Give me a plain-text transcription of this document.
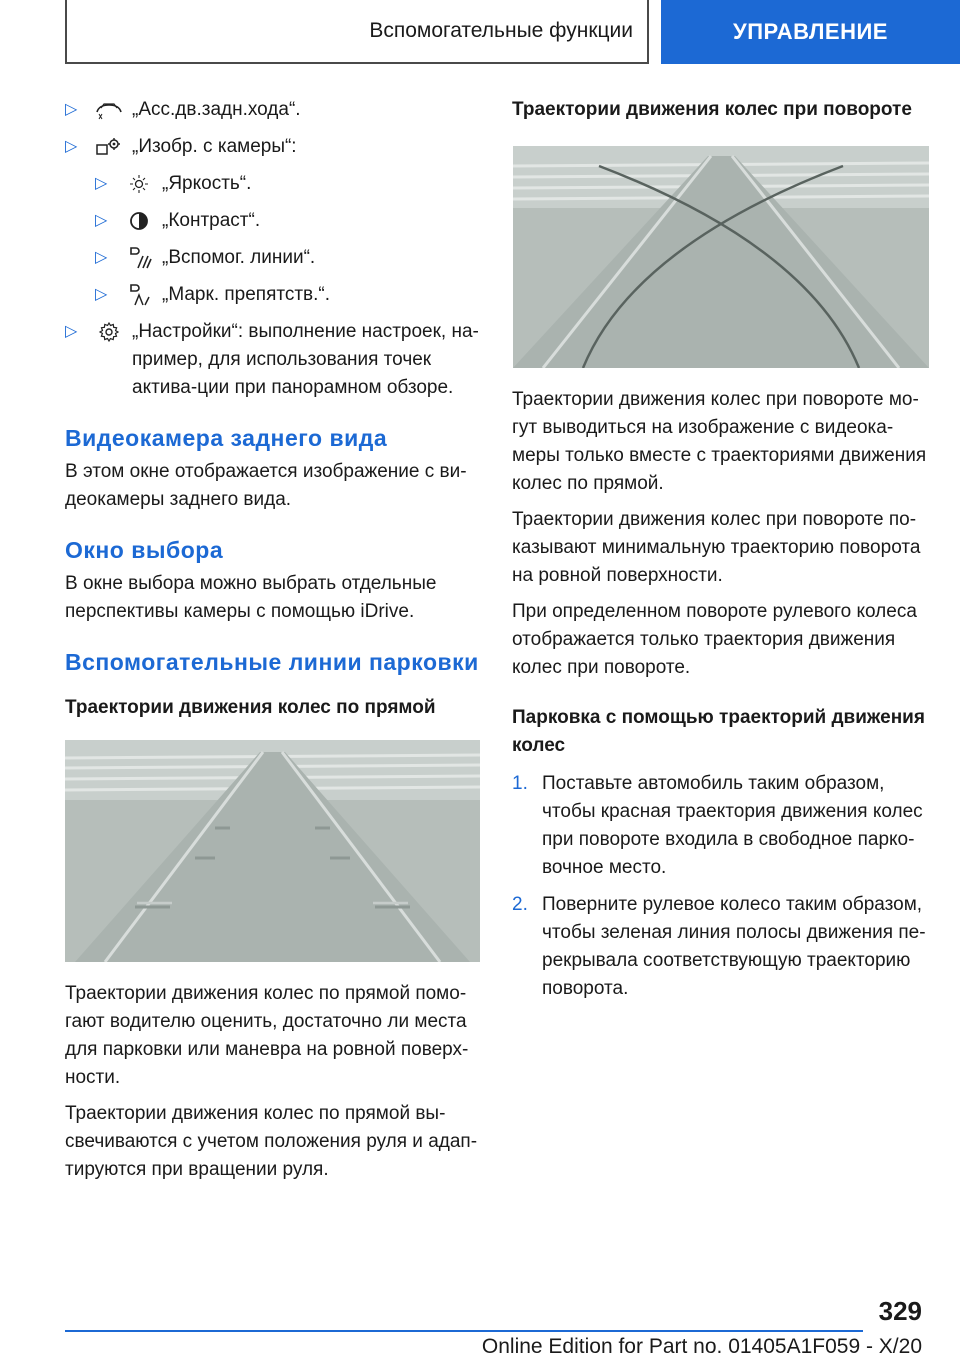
Вспомогательные функции	УПРАВЛЕНИЕ
▷	„Асс.дв.задн.хода“.
▷	„Изобр. с камеры“:
▷	„Яркость“.
▷	„Контраст“.
▷	„Вспомог. линии“.
▷	„Марк. препятств.“.
▷	„Настройки“: выполнение настроек, на-пример, для использования точек актива-ции при панорамном обзоре.
Видеокамера заднего вида
В этом окне отображается изображение с ви-деокамеры заднего вида.
Окно выбора
В окне выбора можно выбрать отдельные перспективы камеры с помощью iDrive.
Вспомогательные линии парковки
Траектории движения колес по прямой
Траектории движения колес по прямой помо-гают водителю оценить, достаточно ли места для парковки или маневра на ровной поверх-ности.
Траектории движения колес по прямой вы-свечиваются с учетом положения руля и адап-тируются при вращении руля.
Траектории движения колес при повороте
Траектории движения колес при повороте мо-гут выводиться на изображение с видеока-меры только вместе с траекториями движения колес по прямой.
Траектории движения колес при повороте по-казывают минимальную траекторию поворота на ровной поверхности.
При определенном повороте рулевого колеса отображается только траектория движения колес при повороте.
Парковка с помощью траекторий движения колес
1. Поставьте автомобиль таким образом, чтобы красная траектория движения колес при повороте входила в свободное парко-вочное место.
2. Поверните рулевое колесо таким образом, чтобы зеленая линия полосы движения пе-рекрывала соответствующую траекторию поворота.
329
Online Edition for Part no. 01405A1F059 - X/20
